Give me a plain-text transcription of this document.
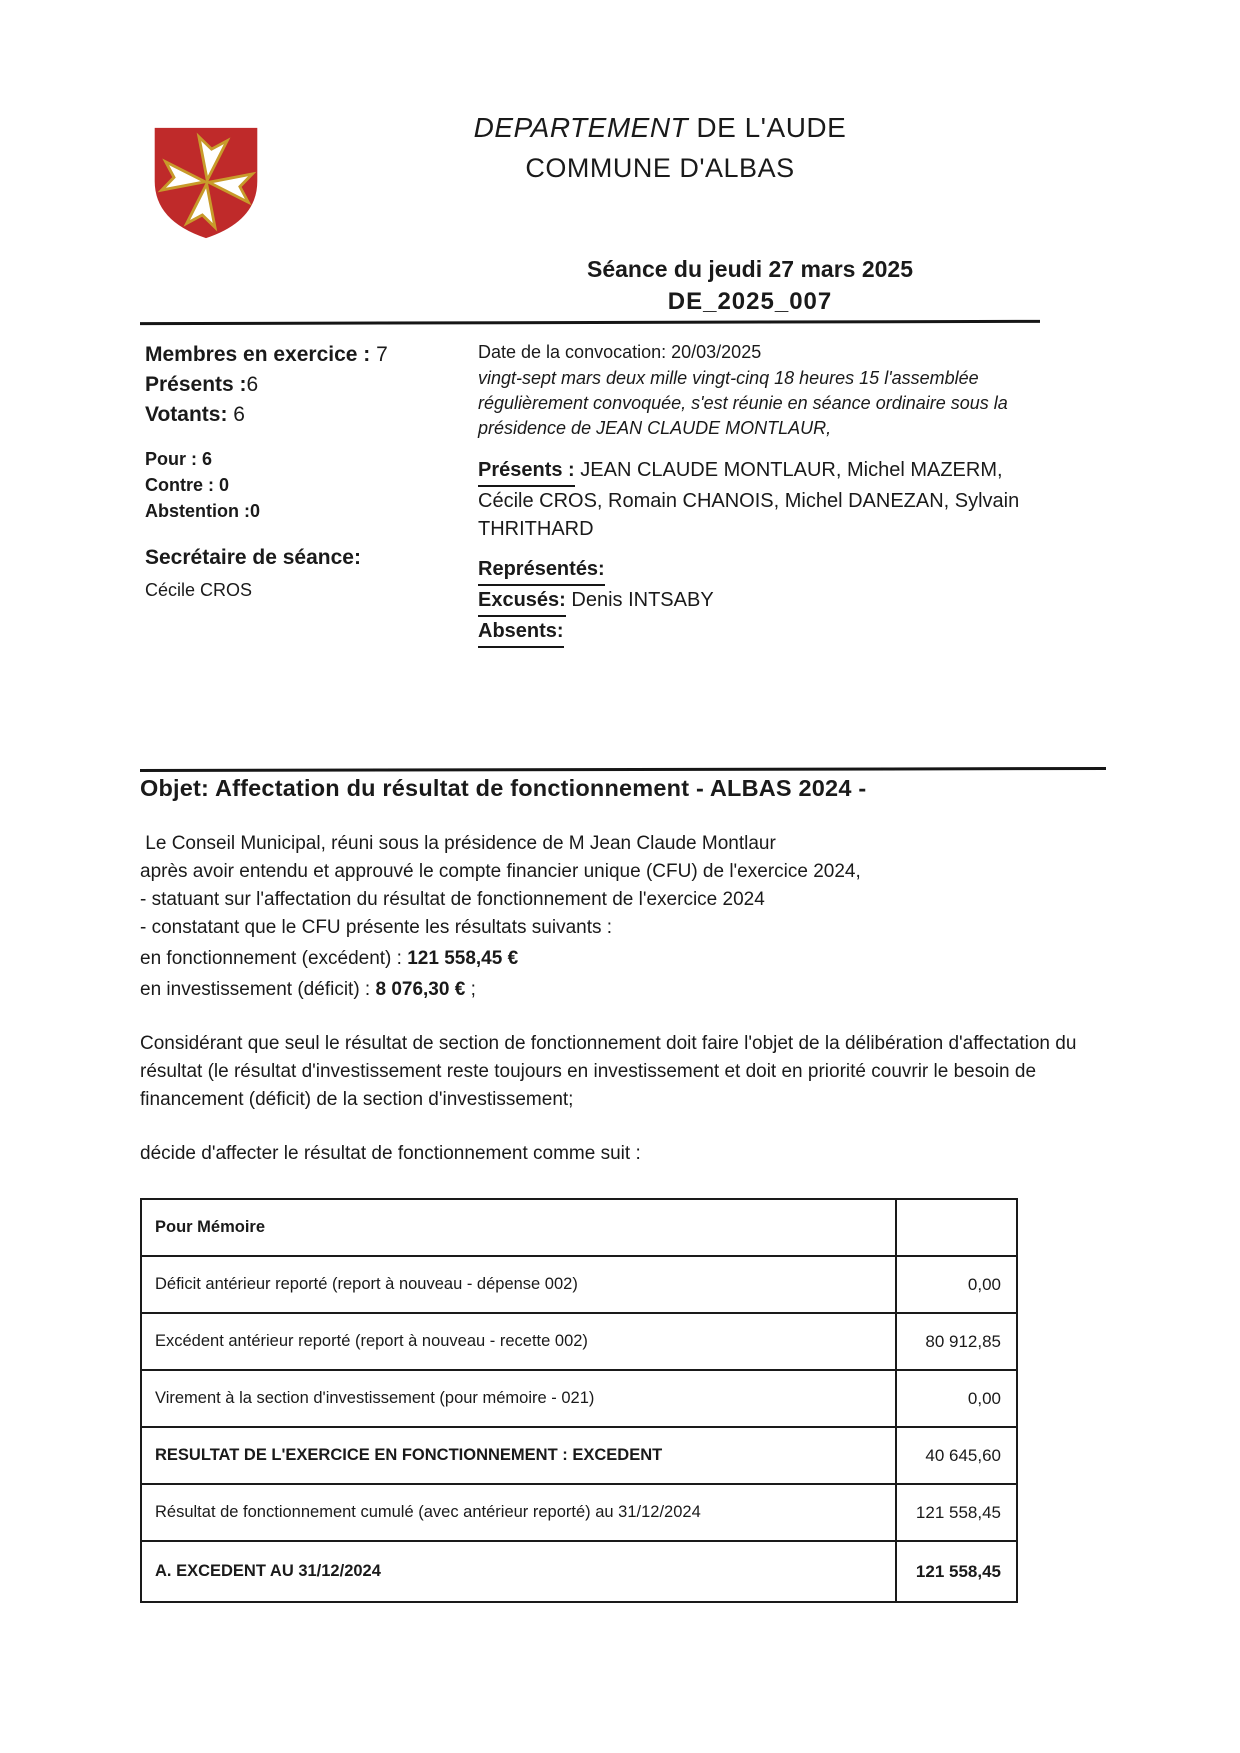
DEPARTEMENT DE L'AUDE
COMMUNE D'ALBAS
Séance du jeudi 27 mars 2025
DE_2025_007
Membres en exercice : 7
Présents :6
Votants: 6
Pour : 6
Contre : 0
Abstention :0
Secrétaire de séance:
Cécile CROS
Date de la convocation: 20/03/2025
vingt-sept mars deux mille vingt-cinq 18 heures 15 l'assemblée régulièrement convoquée, s'est réunie en séance ordinaire sous la présidence de JEAN CLAUDE MONTLAUR,
Présents : JEAN CLAUDE MONTLAUR, Michel MAZERM, Cécile CROS, Romain CHANOIS, Michel DANEZAN, Sylvain THRITHARD
Représentés:
Excusés: Denis INTSABY
Absents:
Objet: Affectation du résultat de fonctionnement - ALBAS 2024 -
Le Conseil Municipal, réuni sous la présidence de M Jean Claude Montlaur
après avoir entendu et approuvé le compte financier unique (CFU) de l'exercice 2024,
- statuant sur l'affectation du résultat de fonctionnement de l'exercice 2024
- constatant que le CFU présente les résultats suivants :
en fonctionnement (excédent) : 121 558,45 €
en investissement (déficit) : 8 076,30 € ;
Considérant que seul le résultat de section de fonctionnement doit faire l'objet de la délibération d'affectation du résultat (le résultat d'investissement reste toujours en investissement et doit en priorité couvrir le besoin de financement (déficit) de la section d'investissement;
décide d'affecter le résultat de fonctionnement comme suit :
Pour Mémoire	
Déficit antérieur reporté (report à nouveau - dépense 002)	0,00
Excédent antérieur reporté (report à nouveau - recette 002)	80 912,85
Virement à la section d'investissement (pour mémoire - 021)	0,00
RESULTAT DE L'EXERCICE EN FONCTIONNEMENT : EXCEDENT	40 645,60
Résultat de fonctionnement cumulé (avec antérieur reporté) au 31/12/2024	121 558,45
A. EXCEDENT AU 31/12/2024	121 558,45
